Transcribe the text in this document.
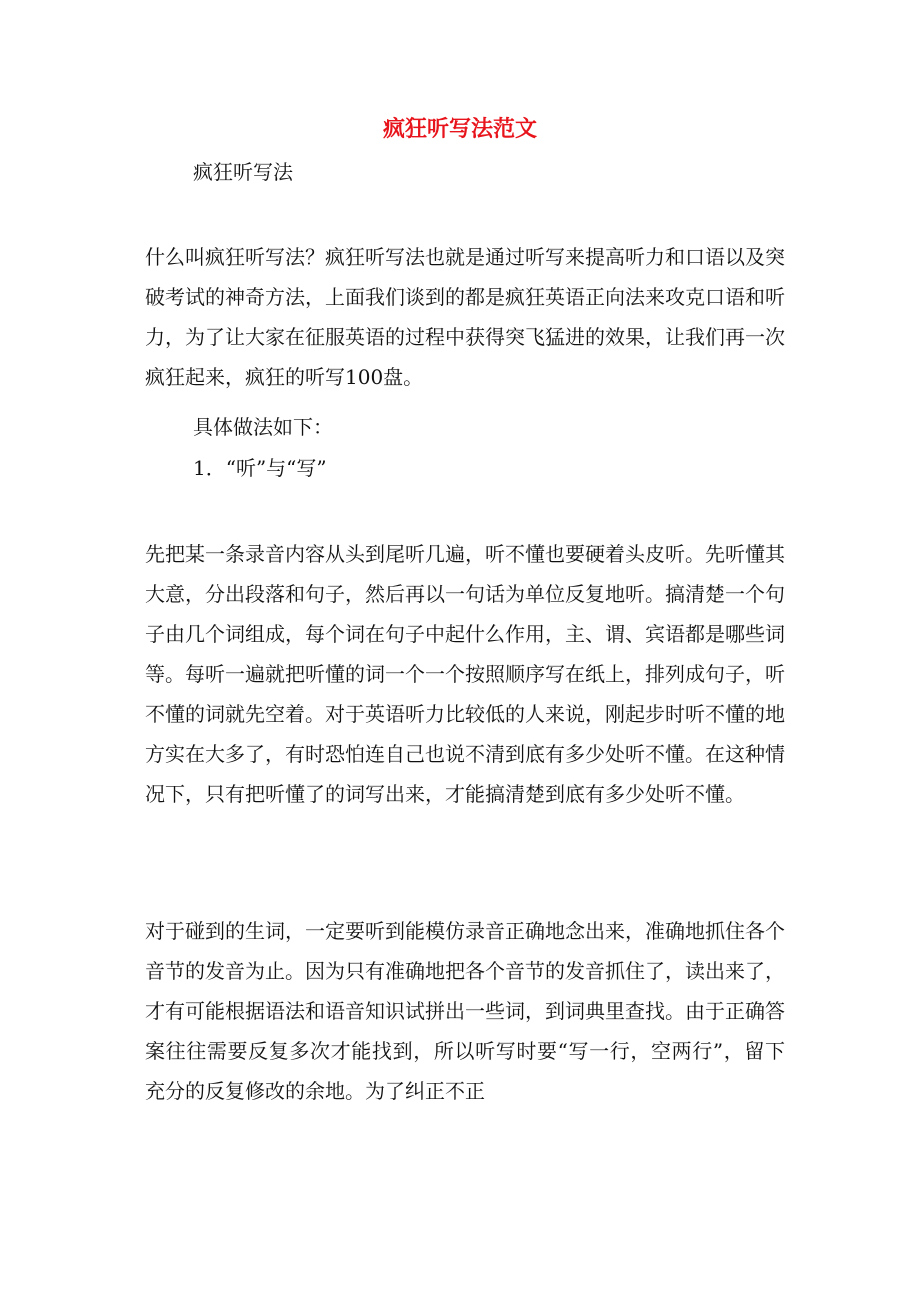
疯狂听写法范文
疯狂听写法
什么叫疯狂听写法？疯狂听写法也就是通过听写来提高听力和口语以及突破考试的神奇方法，上面我们谈到的都是疯狂英语正向法来攻克口语和听力，为了让大家在征服英语的过程中获得突飞猛进的效果，让我们再一次疯狂起来，疯狂的听写100盘。
具体做法如下：
1．“听”与“写”
先把某一条录音内容从头到尾听几遍，听不懂也要硬着头皮听。先听懂其大意，分出段落和句子，然后再以一句话为单位反复地听。搞清楚一个句子由几个词组成，每个词在句子中起什么作用，主、谓、宾语都是哪些词等。每听一遍就把听懂的词一个一个按照顺序写在纸上，排列成句子，听不懂的词就先空着。对于英语听力比较低的人来说，刚起步时听不懂的地方实在大多了，有时恐怕连自己也说不清到底有多少处听不懂。在这种情况下，只有把听懂了的词写出来，才能搞清楚到底有多少处听不懂。
对于碰到的生词，一定要听到能模仿录音正确地念出来，准确地抓住各个音节的发音为止。因为只有准确地把各个音节的发音抓住了，读出来了，才有可能根据语法和语音知识试拼出一些词，到词典里查找。由于正确答案往往需要反复多次才能找到，所以听写时要“写一行，空两行”，留下充分的反复修改的余地。为了纠正不正
